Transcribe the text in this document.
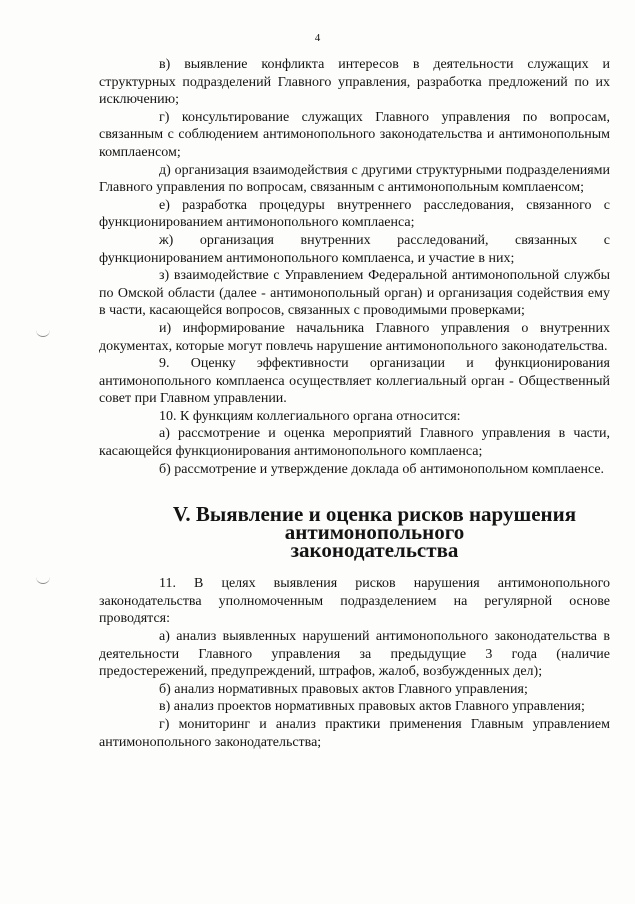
4

в) выявление конфликта интересов в деятельности служащих и структурных подразделений Главного управления, разработка предложений по их исключению;

г) консультирование служащих Главного управления по вопросам, связанным с соблюдением антимонопольного законодательства и антимонопольным комплаенсом;

д) организация взаимодействия с другими структурными подразделениями Главного управления по вопросам, связанным с антимонопольным комплаенсом;

е) разработка процедуры внутреннего расследования, связанного с функционированием антимонопольного комплаенса;

ж) организация внутренних расследований, связанных с функционированием антимонопольного комплаенса, и участие в них;

з) взаимодействие с Управлением Федеральной антимонопольной службы по Омской области (далее - антимонопольный орган) и организация содействия ему в части, касающейся вопросов, связанных с проводимыми проверками;

и) информирование начальника Главного управления о внутренних документах, которые могут повлечь нарушение антимонопольного законодательства.

9. Оценку эффективности организации и функционирования антимонопольного комплаенса осуществляет коллегиальный орган - Общественный совет при Главном управлении.

10. К функциям коллегиального органа относится:

а) рассмотрение и оценка мероприятий Главного управления в части, касающейся функционирования антимонопольного комплаенса;

б) рассмотрение и утверждение доклада об антимонопольном комплаенсе.

V. Выявление и оценка рисков нарушения антимонопольного
законодательства

11. В целях выявления рисков нарушения антимонопольного законодательства уполномоченным подразделением на регулярной основе проводятся:

а) анализ выявленных нарушений антимонопольного законодательства в деятельности Главного управления за предыдущие 3 года (наличие предостережений, предупреждений, штрафов, жалоб, возбужденных дел);

б) анализ нормативных правовых актов Главного управления;

в) анализ проектов нормативных правовых актов Главного управления;

г) мониторинг и анализ практики применения Главным управлением антимонопольного законодательства;
